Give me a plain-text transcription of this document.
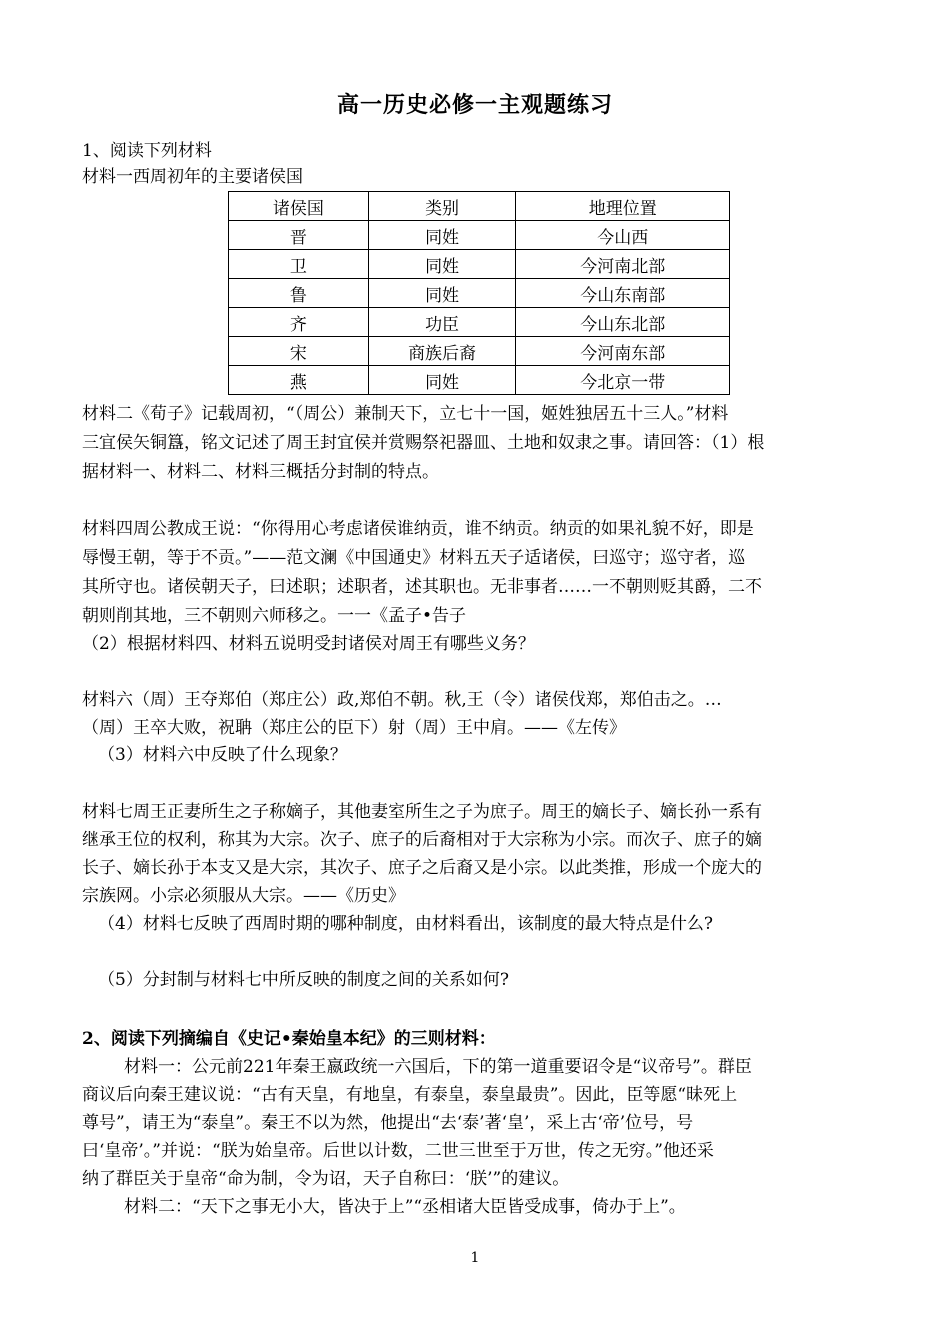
高一历史必修一主观题练习
1、阅读下列材料
材料一西周初年的主要诸侯国
诸侯国	类别	地理位置
晋	同姓	今山西
卫	同姓	今河南北部
鲁	同姓	今山东南部
齐	功臣	今山东北部
宋	商族后裔	今河南东部
燕	同姓	今北京一带
材料二《荀子》记载周初，“（周公）兼制天下，立七十一国，姬姓独居五十三人。”材料
三宜侯矢铜簋，铭文记述了周王封宜侯并赏赐祭祀器皿、土地和奴隶之事。请回答：（1）根
据材料一、材料二、材料三概括分封制的特点。
材料四周公教成王说：“你得用心考虑诸侯谁纳贡，谁不纳贡。纳贡的如果礼貌不好，即是
辱慢王朝，等于不贡。”——范文澜《中国通史》材料五天子适诸侯，曰巡守；巡守者，巡
其所守也。诸侯朝天子，曰述职；述职者，述其职也。无非事者……一不朝则贬其爵，二不
朝则削其地，三不朝则六师移之。一一《孟子•告子
（2）根据材料四、材料五说明受封诸侯对周王有哪些义务？
材料六（周）王夺郑伯（郑庄公）政,郑伯不朝。秋,王（令）诸侯伐郑，郑伯击之。…
（周）王卒大败，祝聃（郑庄公的臣下）射（周）王中肩。——《左传》
（3）材料六中反映了什么现象？
材料七周王正妻所生之子称嫡子，其他妻室所生之子为庶子。周王的嫡长子、嫡长孙一系有
继承王位的权利，称其为大宗。次子、庶子的后裔相对于大宗称为小宗。而次子、庶子的嫡
长子、嫡长孙于本支又是大宗，其次子、庶子之后裔又是小宗。以此类推，形成一个庞大的
宗族网。小宗必须服从大宗。——《历史》
（4）材料七反映了西周时期的哪种制度，由材料看出，该制度的最大特点是什么?
（5）分封制与材料七中所反映的制度之间的关系如何?
2、阅读下列摘编自《史记•秦始皇本纪》的三则材料：
材料一：公元前221年秦王嬴政统一六国后，下的第一道重要诏令是“议帝号”。群臣
商议后向秦王建议说：“古有天皇，有地皇，有泰皇，泰皇最贵”。因此，臣等愿“昧死上
尊号”，请王为“泰皇”。秦王不以为然，他提出“去‘泰’著‘皇’，采上古‘帝’位号，号
曰‘皇帝’。”并说：“朕为始皇帝。后世以计数，二世三世至于万世，传之无穷。”他还采
纳了群臣关于皇帝“命为制，令为诏，天子自称曰：‘朕’”的建议。
材料二：“天下之事无小大，皆决于上”“丞相诸大臣皆受成事，倚办于上”。
1
